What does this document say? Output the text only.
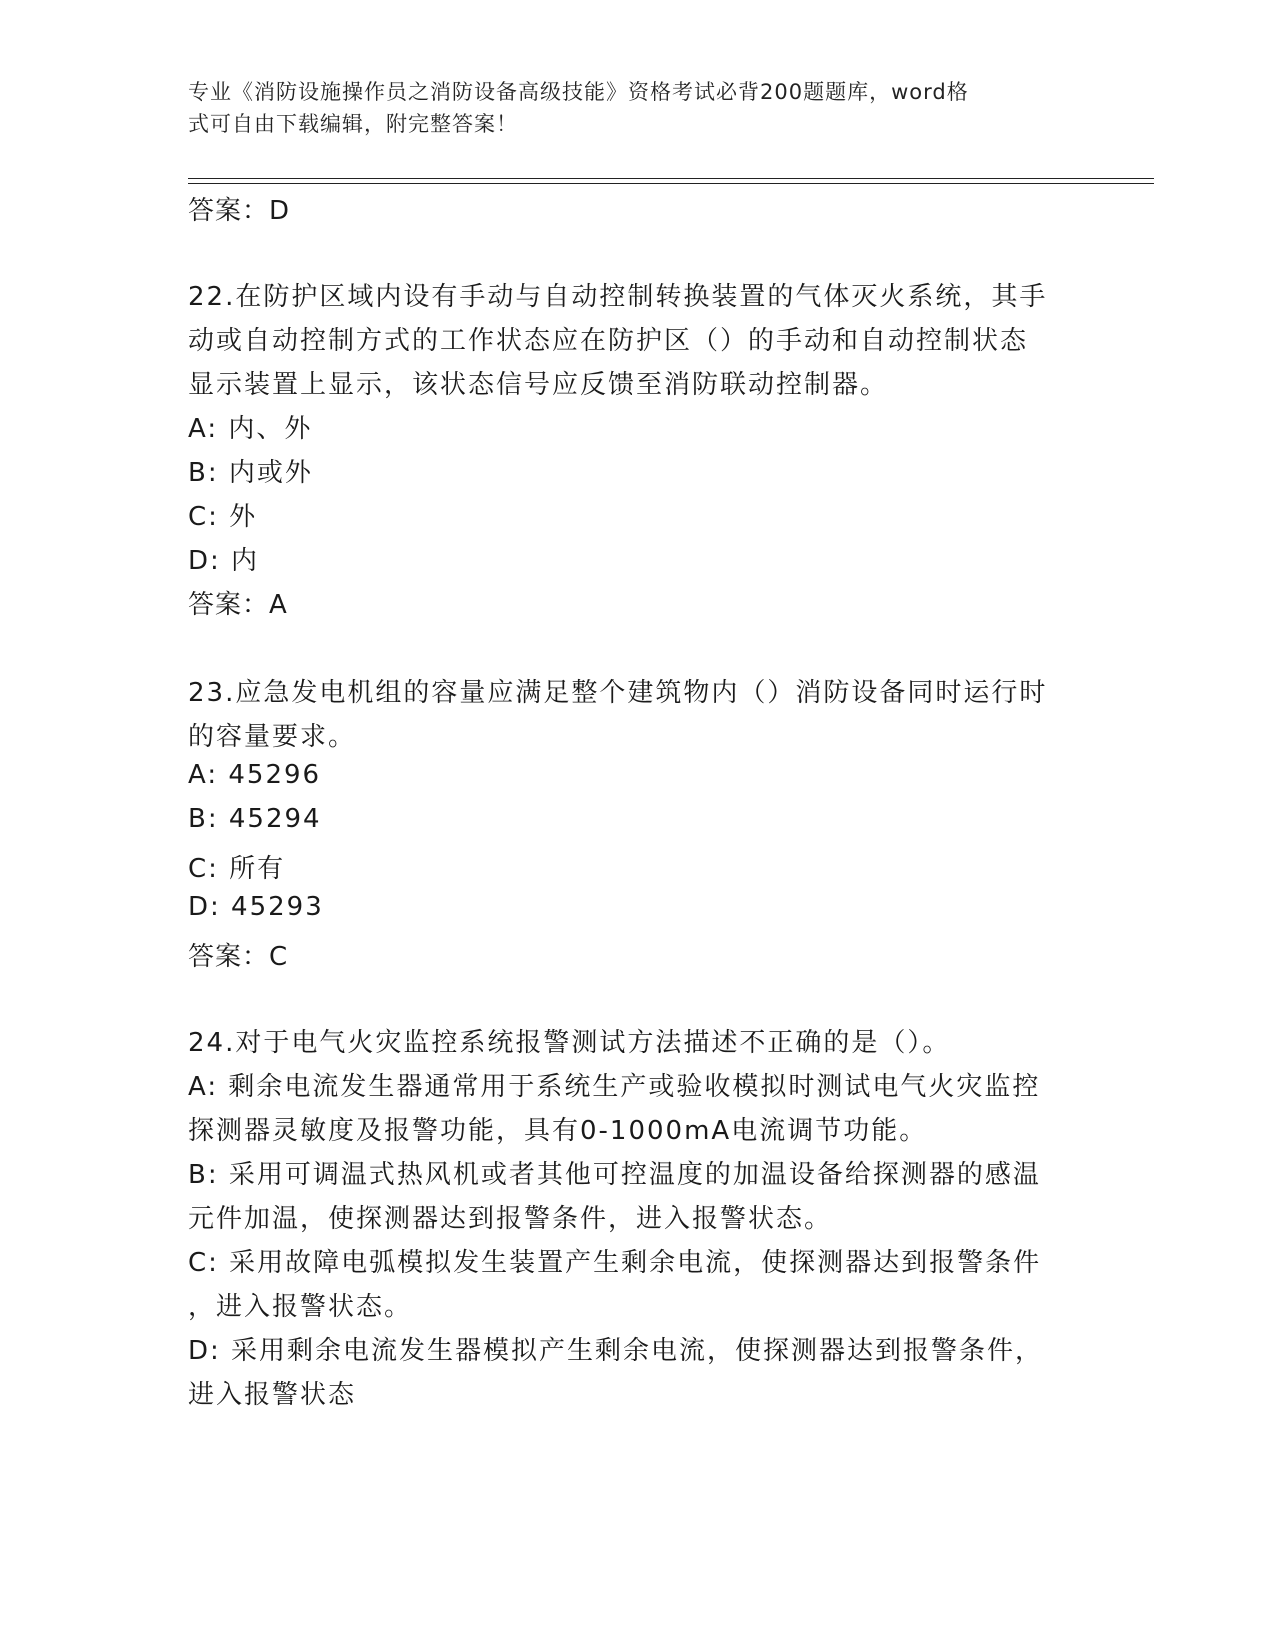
专业《消防设施操作员之消防设备高级技能》资格考试必背200题题库，word格
式可自由下载编辑，附完整答案！
答案：D
22.在防护区域内设有手动与自动控制转换装置的气体灭火系统，其手
动或自动控制方式的工作状态应在防护区（）的手动和自动控制状态
显示装置上显示，该状态信号应反馈至消防联动控制器。
A: 内、外
B: 内或外
C: 外
D: 内
答案：A
23.应急发电机组的容量应满足整个建筑物内（）消防设备同时运行时
的容量要求。
A: 45296
B: 45294
C: 所有
D: 45293
答案：C
24.对于电气火灾监控系统报警测试方法描述不正确的是（）。
A: 剩余电流发生器通常用于系统生产或验收模拟时测试电气火灾监控
探测器灵敏度及报警功能，具有0-1000mA电流调节功能。
B: 采用可调温式热风机或者其他可控温度的加温设备给探测器的感温
元件加温，使探测器达到报警条件，进入报警状态。
C: 采用故障电弧模拟发生装置产生剩余电流，使探测器达到报警条件
，进入报警状态。
D: 采用剩余电流发生器模拟产生剩余电流，使探测器达到报警条件，
进入报警状态
